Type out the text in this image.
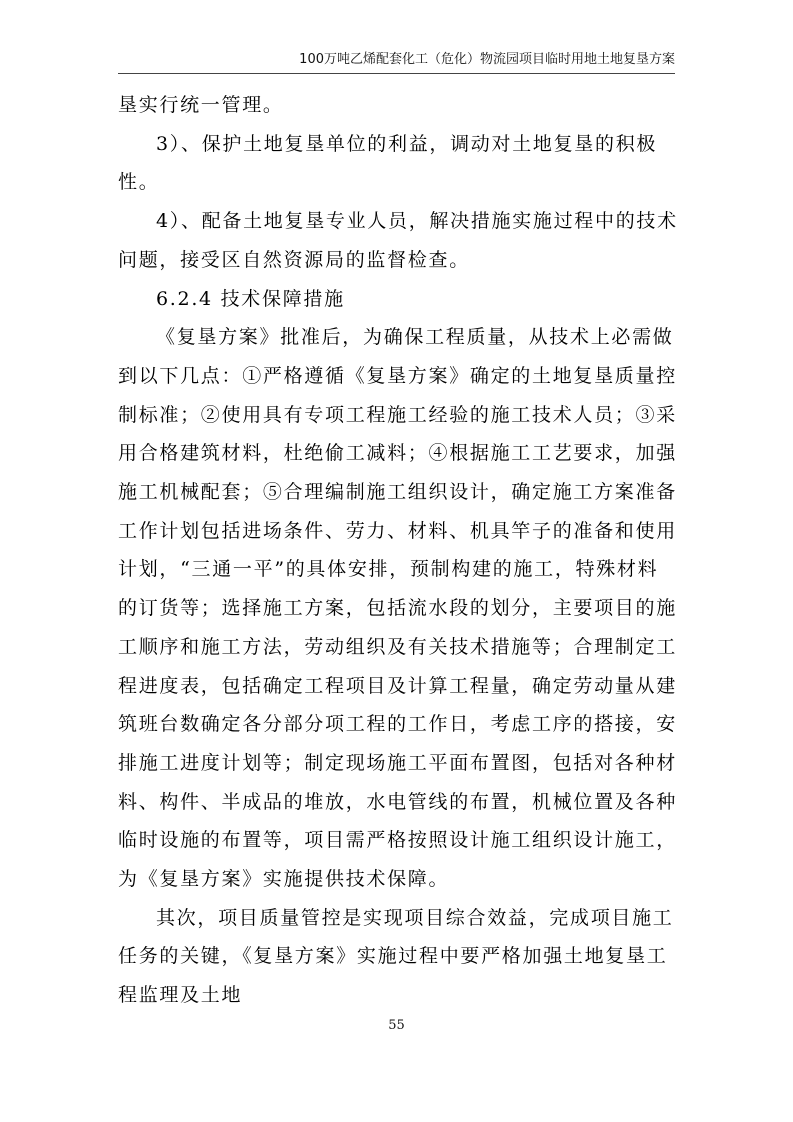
100万吨乙烯配套化工（危化）物流园项目临时用地土地复垦方案

垦实行统一管理。

3）、保护土地复垦单位的利益，调动对土地复垦的积极性。

4）、配备土地复垦专业人员，解决措施实施过程中的技术问题，接受区自然资源局的监督检查。

6.2.4 技术保障措施

《复垦方案》批准后，为确保工程质量，从技术上必需做到以下几点：①严格遵循《复垦方案》确定的土地复垦质量控制标准；②使用具有专项工程施工经验的施工技术人员；③采用合格建筑材料，杜绝偷工减料；④根据施工工艺要求，加强施工机械配套；⑤合理编制施工组织设计，确定施工方案准备工作计划包括进场条件、劳力、材料、机具竿子的准备和使用计划，“三通一平”的具体安排，预制构建的施工，特殊材料的订货等；选择施工方案，包括流水段的划分，主要项目的施工顺序和施工方法，劳动组织及有关技术措施等；合理制定工程进度表，包括确定工程项目及计算工程量，确定劳动量从建筑班台数确定各分部分项工程的工作日，考虑工序的搭接，安排施工进度计划等；制定现场施工平面布置图，包括对各种材料、构件、半成品的堆放，水电管线的布置，机械位置及各种临时设施的布置等，项目需严格按照设计施工组织设计施工，为《复垦方案》实施提供技术保障。

其次，项目质量管控是实现项目综合效益，完成项目施工任务的关键，《复垦方案》实施过程中要严格加强土地复垦工程监理及土地

55
